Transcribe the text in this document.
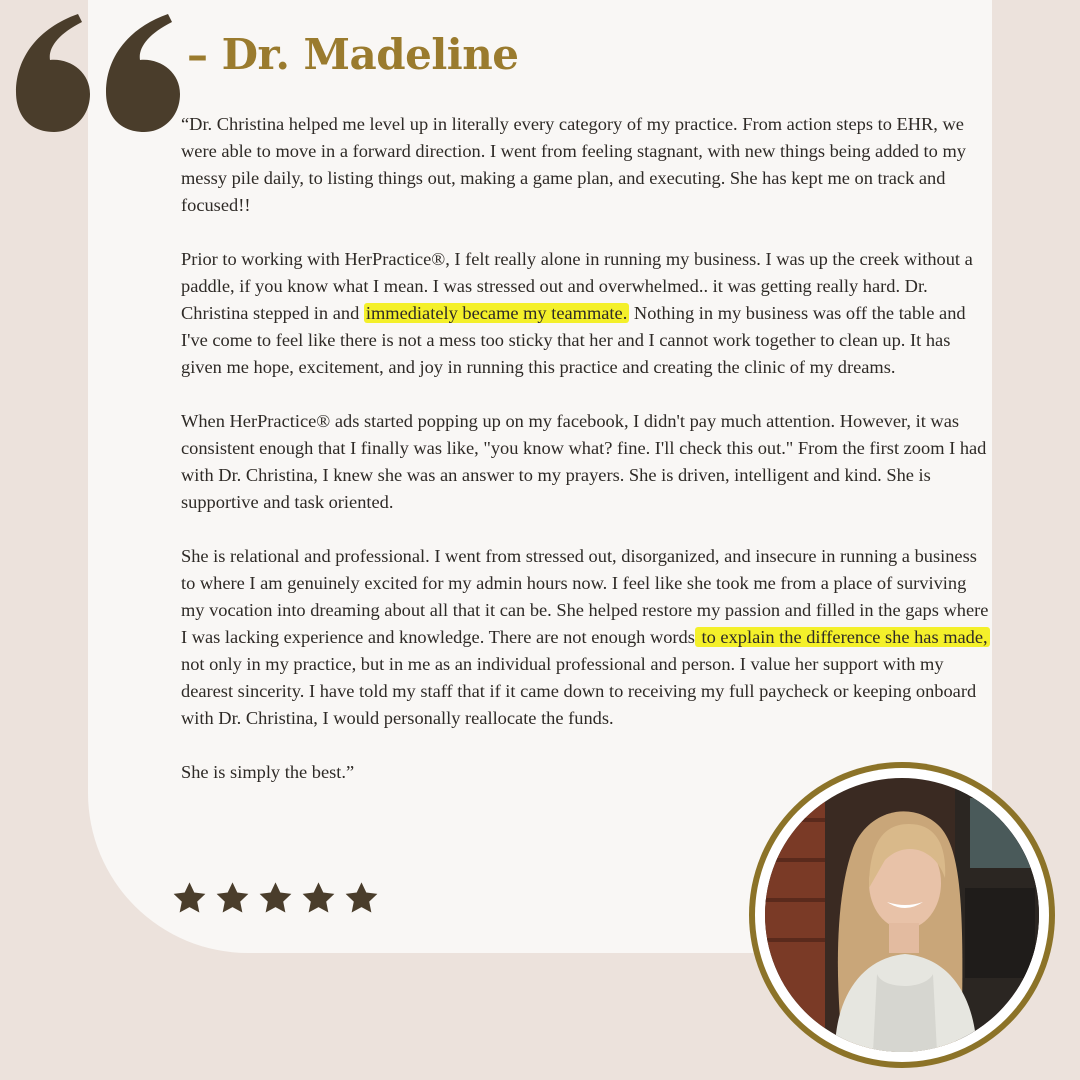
– Dr. Madeline

“Dr. Christina helped me level up in literally every category of my practice. From action steps to EHR, we were able to move in a forward direction. I went from feeling stagnant, with new things being added to my messy pile daily, to listing things out, making a game plan, and executing. She has kept me on track and focused!!

Prior to working with HerPractice®, I felt really alone in running my business. I was up the creek without a paddle, if you know what I mean. I was stressed out and overwhelmed.. it was getting really hard. Dr. Christina stepped in and immediately became my teammate. Nothing in my business was off the table and I've come to feel like there is not a mess too sticky that her and I cannot work together to clean up. It has given me hope, excitement, and joy in running this practice and creating the clinic of my dreams.

When HerPractice® ads started popping up on my facebook, I didn't pay much attention. However, it was consistent enough that I finally was like, "you know what? fine. I'll check this out." From the first zoom I had with Dr. Christina, I knew she was an answer to my prayers. She is driven, intelligent and kind. She is supportive and task oriented.

She is relational and professional. I went from stressed out, disorganized, and insecure in running a business to where I am genuinely excited for my admin hours now. I feel like she took me from a place of surviving my vocation into dreaming about all that it can be. She helped restore my passion and filled in the gaps where I was lacking experience and knowledge. There are not enough words to explain the difference she has made, not only in my practice, but in me as an individual professional and person. I value her support with my dearest sincerity. I have told my staff that if it came down to receiving my full paycheck or keeping onboard with Dr. Christina, I would personally reallocate the funds.

She is simply the best.”
